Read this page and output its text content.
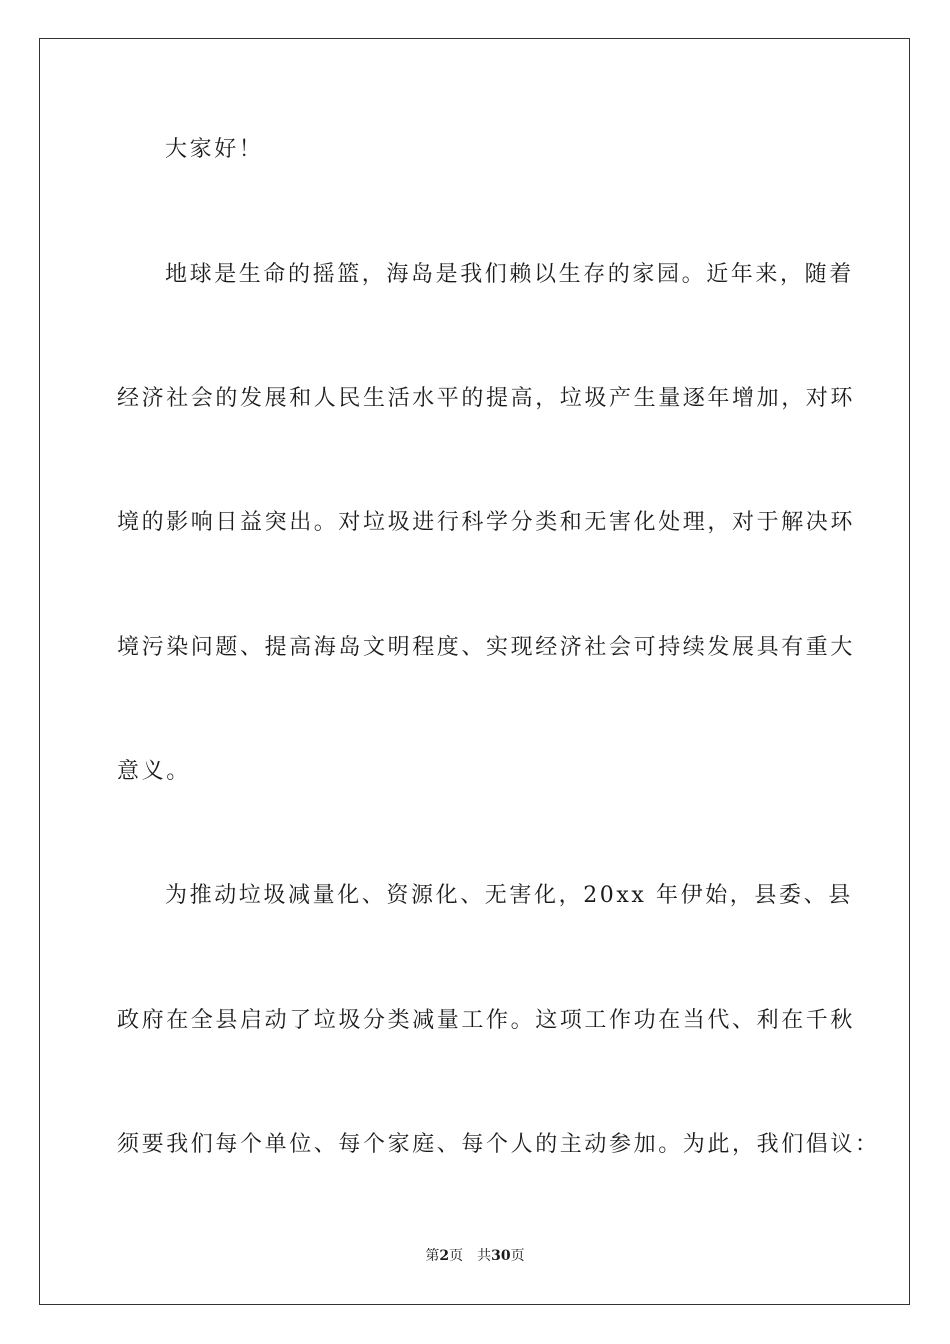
大家好！
地球是生命的摇篮，海岛是我们赖以生存的家园。近年来，随着
经济社会的发展和人民生活水平的提高，垃圾产生量逐年增加，对环
境的影响日益突出。对垃圾进行科学分类和无害化处理，对于解决环
境污染问题、提高海岛文明程度、实现经济社会可持续发展具有重大
意义。
为推动垃圾减量化、资源化、无害化，20xx 年伊始，县委、县
政府在全县启动了垃圾分类减量工作。这项工作功在当代、利在千秋
须要我们每个单位、每个家庭、每个人的主动参加。为此，我们倡议：
第2页 共30页
